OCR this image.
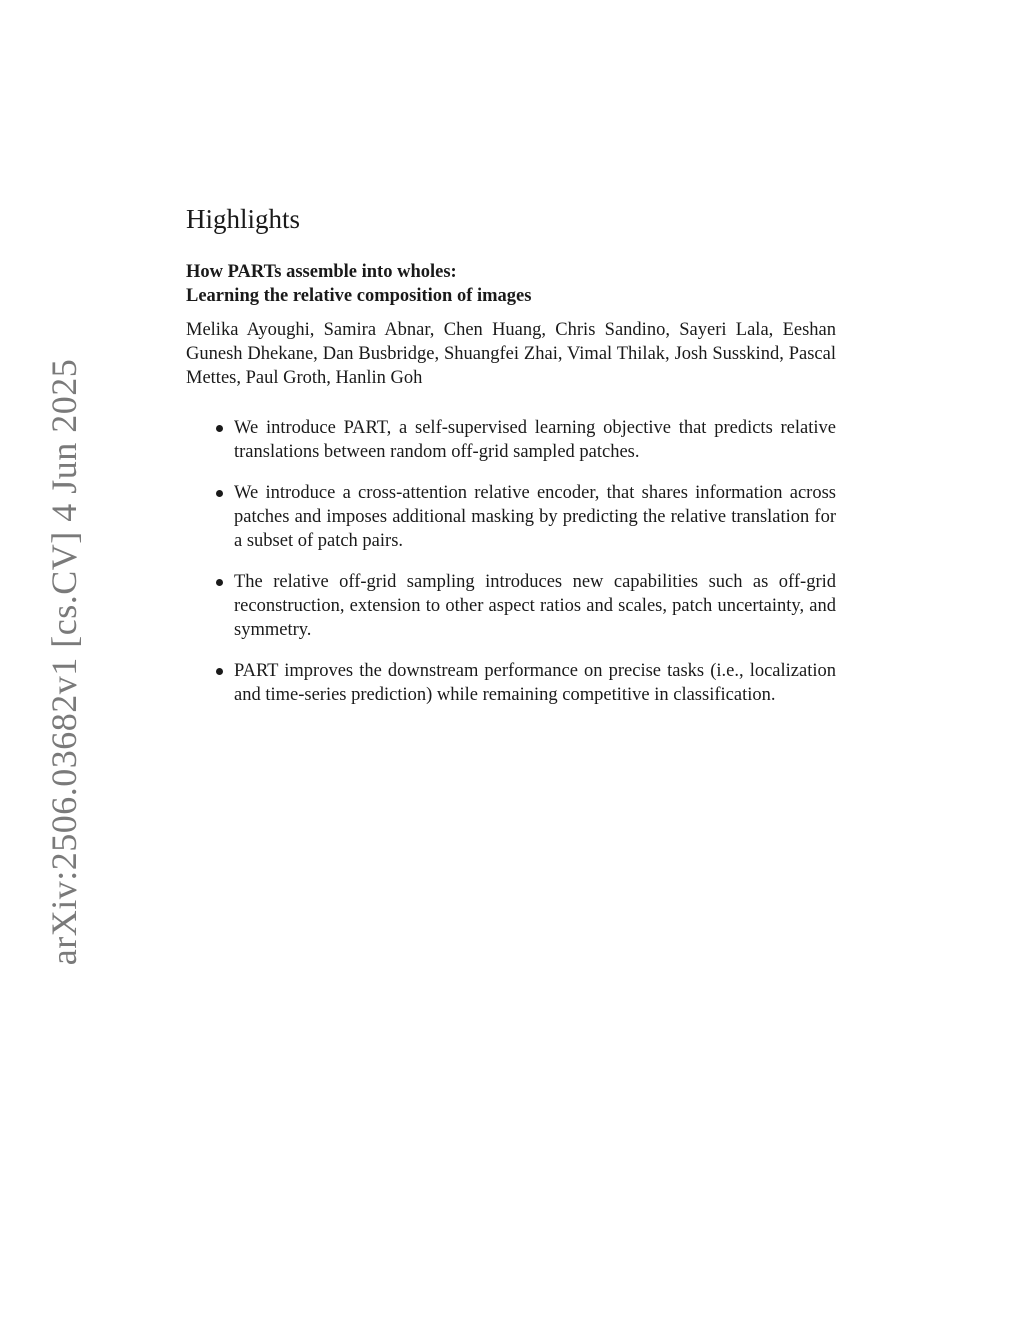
arXiv:2506.03682v1 [cs.CV] 4 Jun 2025
Highlights
How PARTs assemble into wholes:
Learning the relative composition of images

Melika Ayoughi, Samira Abnar, Chen Huang, Chris Sandino, Sayeri Lala, Eeshan Gunesh Dhekane, Dan Busbridge, Shuangfei Zhai, Vimal Thilak, Josh Susskind, Pascal Mettes, Paul Groth, Hanlin Goh

We introduce PART, a self-supervised learning objective that predicts relative translations between random off-grid sampled patches.
We introduce a cross-attention relative encoder, that shares information across patches and imposes additional masking by predicting the relative translation for a subset of patch pairs.
The relative off-grid sampling introduces new capabilities such as off-grid reconstruction, extension to other aspect ratios and scales, patch uncertainty, and symmetry.
PART improves the downstream performance on precise tasks (i.e., localization and time-series prediction) while remaining competitive in classification.
